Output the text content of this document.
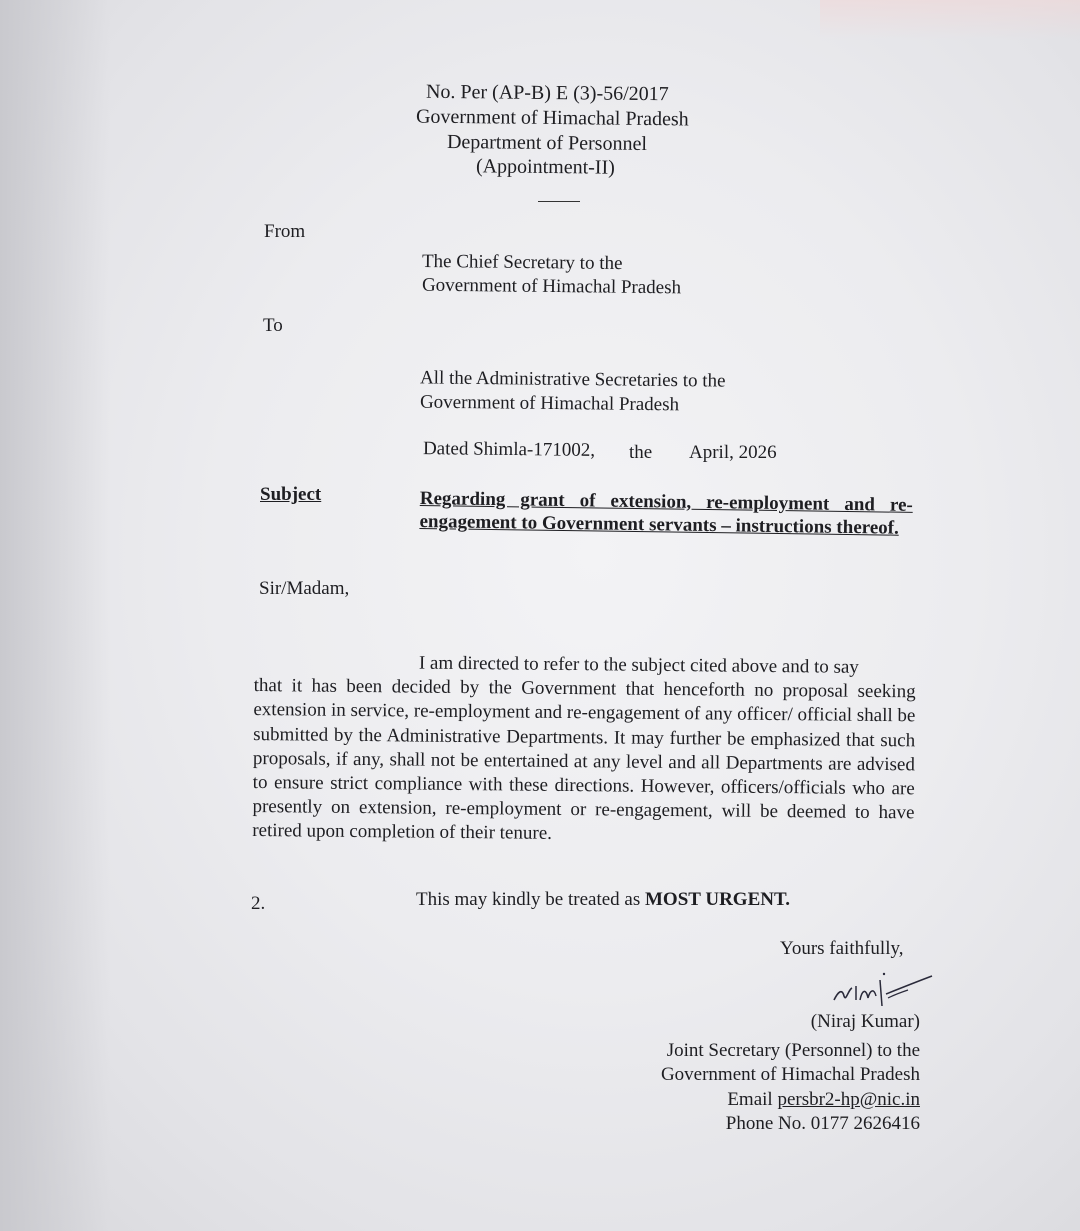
No. Per (AP-B) E (3)-56/2017
Government of Himachal Pradesh
Department of Personnel
(Appointment-II)
From
The Chief Secretary to the
Government of Himachal Pradesh
To
All the Administrative Secretaries to the
Government of Himachal Pradesh
Dated Shimla-171002, the April, 2026
Subject	Regarding grant of extension, re-employment and re-engagement to Government servants – instructions thereof.
Sir/Madam,
I am directed to refer to the subject cited above and to say
that it has been decided by the Government that henceforth no proposal seeking extension in service, re-employment and re-engagement of any officer/ official shall be submitted by the Administrative Departments. It may further be emphasized that such proposals, if any, shall not be entertained at any level and all Departments are advised to ensure strict compliance with these directions. However, officers/officials who are presently on extension, re-employment or re-engagement, will be deemed to have retired upon completion of their tenure.
2.	This may kindly be treated as MOST URGENT.
Yours faithfully,
(Niraj Kumar)
Joint Secretary (Personnel) to the
Government of Himachal Pradesh
Email persbr2-hp@nic.in
Phone No. 0177 2626416
